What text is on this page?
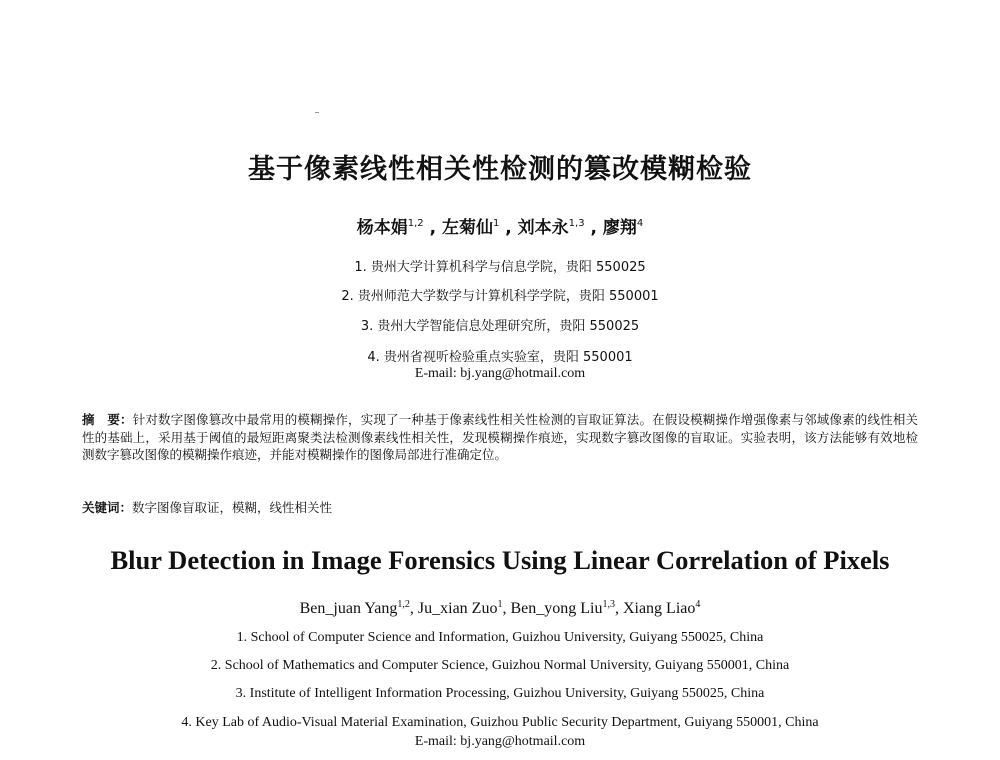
基于像素线性相关性检测的篡改模糊检验
杨本娟$^{1,2}$ , 左菊仙$^1$ , 刘本永$^{1,3}$ , 廖翔$^4$
1. 贵州大学计算机科学与信息学院，贵阳 550025
2. 贵州师范大学数学与计算机科学学院，贵阳 550001
3. 贵州大学智能信息处理研究所，贵阳 550025
4. 贵州省视听检验重点实验室，贵阳 550001
E-mail: bj.yang@hotmail.com
摘　要：针对数字图像篡改中最常用的模糊操作，实现了一种基于像素线性相关性检测的盲取证算法。在假设模糊操作增强像素与邻域像素的线性相关性的基础上，采用基于阈值的最短距离聚类法检测像素线性相关性，发现模糊操作痕迹，实现数字篡改图像的盲取证。实验表明，该方法能够有效地检测数字篡改图像的模糊操作痕迹，并能对模糊操作的图像局部进行准确定位。
关键词：数字图像盲取证，模糊，线性相关性
Blur Detection in Image Forensics Using Linear Correlation of Pixels
Ben_juan Yang$^{1,2}$, Ju_xian Zuo$^1$, Ben_yong Liu$^{1,3}$, Xiang Liao$^4$
1. School of Computer Science and Information, Guizhou University, Guiyang 550025, China
2. School of Mathematics and Computer Science, Guizhou Normal University, Guiyang 550001, China
3. Institute of Intelligent Information Processing, Guizhou University, Guiyang 550025, China
4. Key Lab of Audio-Visual Material Examination, Guizhou Public Security Department, Guiyang 550001, China
E-mail: bj.yang@hotmail.com
